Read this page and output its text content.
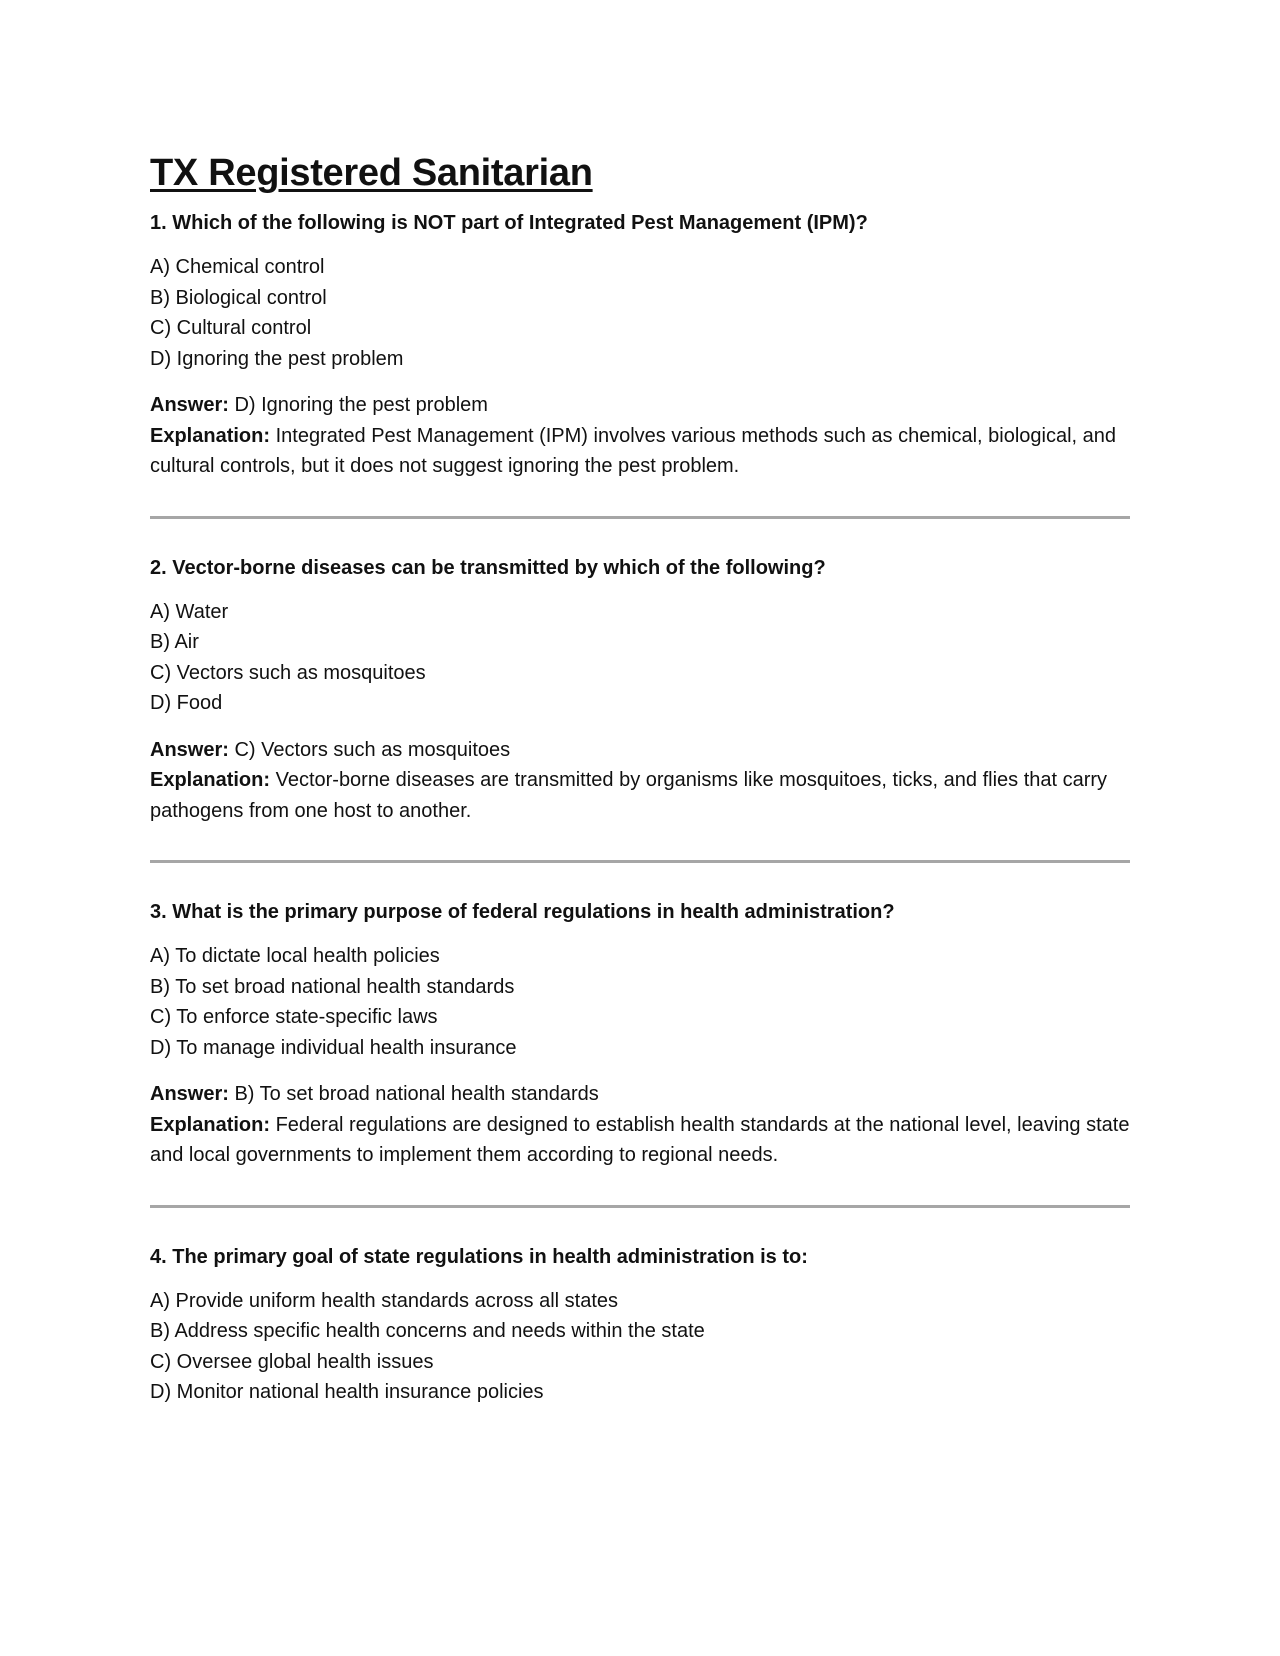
TX Registered Sanitarian
1. Which of the following is NOT part of Integrated Pest Management (IPM)?
A) Chemical control
B) Biological control
C) Cultural control
D) Ignoring the pest problem
Answer: D) Ignoring the pest problem
Explanation: Integrated Pest Management (IPM) involves various methods such as chemical, biological, and cultural controls, but it does not suggest ignoring the pest problem.
2. Vector-borne diseases can be transmitted by which of the following?
A) Water
B) Air
C) Vectors such as mosquitoes
D) Food
Answer: C) Vectors such as mosquitoes
Explanation: Vector-borne diseases are transmitted by organisms like mosquitoes, ticks, and flies that carry pathogens from one host to another.
3. What is the primary purpose of federal regulations in health administration?
A) To dictate local health policies
B) To set broad national health standards
C) To enforce state-specific laws
D) To manage individual health insurance
Answer: B) To set broad national health standards
Explanation: Federal regulations are designed to establish health standards at the national level, leaving state and local governments to implement them according to regional needs.
4. The primary goal of state regulations in health administration is to:
A) Provide uniform health standards across all states
B) Address specific health concerns and needs within the state
C) Oversee global health issues
D) Monitor national health insurance policies
